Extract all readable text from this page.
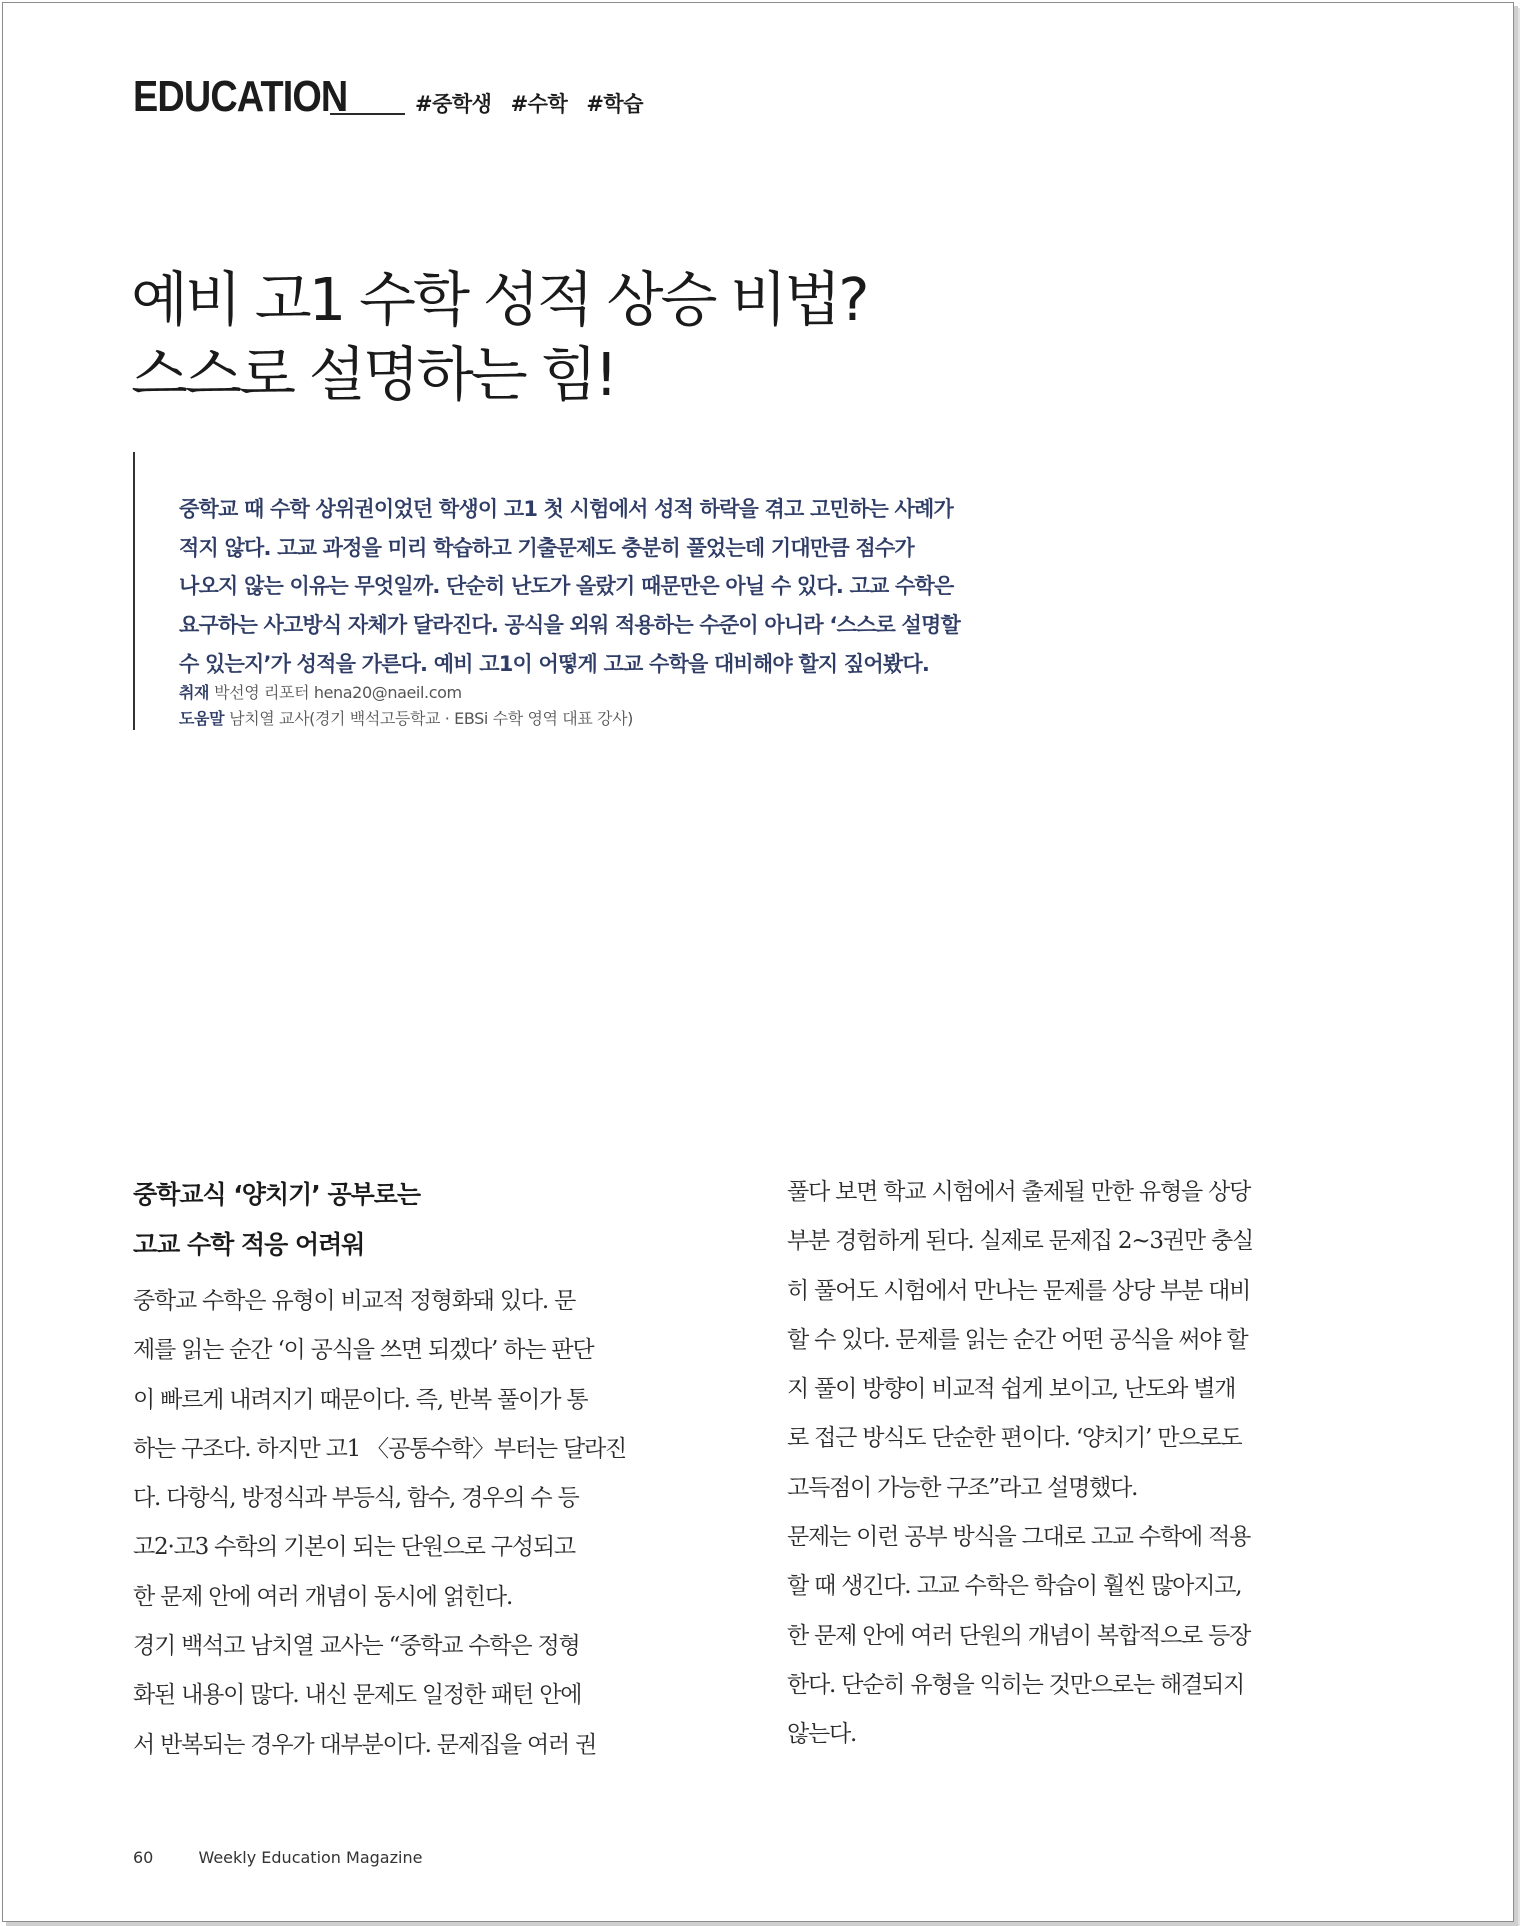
EDUCATION	#중학생 #수학 #학습
예비 고1 수학 성적 상승 비법?
스스로 설명하는 힘!

중학교 때 수학 상위권이었던 학생이 고1 첫 시험에서 성적 하락을 겪고 고민하는 사례가
적지 않다. 고교 과정을 미리 학습하고 기출문제도 충분히 풀었는데 기대만큼 점수가
나오지 않는 이유는 무엇일까. 단순히 난도가 올랐기 때문만은 아닐 수 있다. 고교 수학은
요구하는 사고방식 자체가 달라진다. 공식을 외워 적용하는 수준이 아니라 ‘스스로 설명할
수 있는지’가 성적을 가른다. 예비 고1이 어떻게 고교 수학을 대비해야 할지 짚어봤다.

취재 박선영 리포터 hena20@naeil.com
도움말 남치열 교사(경기 백석고등학교 · EBSi 수학 영역 대표 강사)
중학교식 ‘양치기’ 공부로는
고교 수학 적응 어려워
중학교 수학은 유형이 비교적 정형화돼 있다. 문
제를 읽는 순간 ‘이 공식을 쓰면 되겠다’ 하는 판단
이 빠르게 내려지기 때문이다. 즉, 반복 풀이가 통
하는 구조다. 하지만 고1 〈공통수학〉부터는 달라진
다. 다항식, 방정식과 부등식, 함수, 경우의 수 등
고2·고3 수학의 기본이 되는 단원으로 구성되고
한 문제 안에 여러 개념이 동시에 얽힌다.
경기 백석고 남치열 교사는 “중학교 수학은 정형
화된 내용이 많다. 내신 문제도 일정한 패턴 안에
서 반복되는 경우가 대부분이다. 문제집을 여러 권
풀다 보면 학교 시험에서 출제될 만한 유형을 상당
부분 경험하게 된다. 실제로 문제집 2~3권만 충실
히 풀어도 시험에서 만나는 문제를 상당 부분 대비
할 수 있다. 문제를 읽는 순간 어떤 공식을 써야 할
지 풀이 방향이 비교적 쉽게 보이고, 난도와 별개
로 접근 방식도 단순한 편이다. ‘양치기’ 만으로도
고득점이 가능한 구조”라고 설명했다.
문제는 이런 공부 방식을 그대로 고교 수학에 적용
할 때 생긴다. 고교 수학은 학습이 훨씬 많아지고,
한 문제 안에 여러 단원의 개념이 복합적으로 등장
한다. 단순히 유형을 익히는 것만으로는 해결되지
않는다.
60	Weekly Education Magazine
